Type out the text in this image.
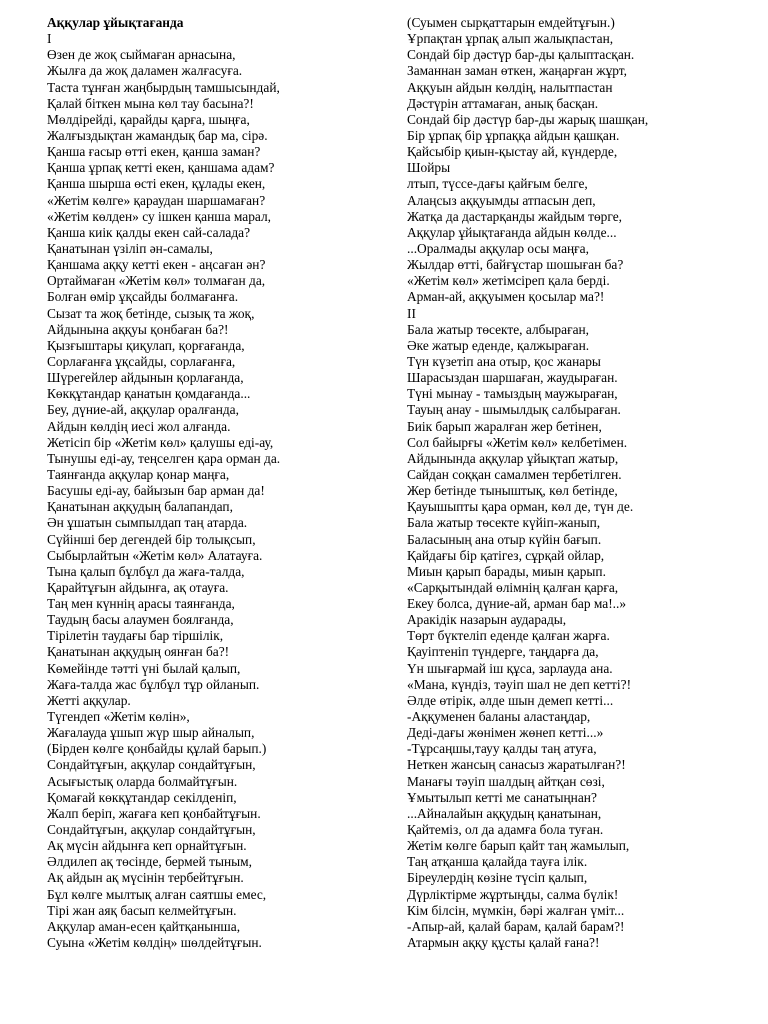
Аққулар ұйықтағанда
I
Өзен де жоқ сыймаған арнасына,
Жылға да жоқ даламен жалғасуға.
Таста тұнған жаңбырдың тамшысындай,
Қалай біткен мына көл тау басына?!
Мөлдірейді, қарайды қарға, шыңға,
Жалғыздықтан жамандық бар ма, сірә.
Қанша ғасыр өтті екен, қанша заман?
Қанша ұрпақ кетті екен, қаншама адам?
Қанша шырша өсті екен, құлады екен,
«Жетім көлге» қараудан шаршамаған?
«Жетім көлден» су ішкен қанша марал,
Қанша киік қалды екен сай-салада?
Қанатынан үзіліп ән-самалы,
Қаншама аққу кетті екен - аңсаған ән?
Ортаймаған «Жетім көл» толмаған да,
Болған өмір ұқсайды болмағанға.
Сызат та жоқ бетінде, сызық та жоқ,
Айдынына аққуы қонбаған ба?!
Қызғыштары қиқулап, қорғағанда,
Сорлағанға ұқсайды, сорлағанға,
Шүрегейлер айдынын қорлағанда,
Көкқұтандар қанатын қомдағанда...
Беу, дүние-ай, аққулар оралғанда,
Айдын көлдің иесі жол алғанда.
Жетісіп бір «Жетім көл» қалушы еді-ау,
Тынушы еді-ау, теңселген қара орман да.
Таянғанда аққулар қонар маңға,
Басушы еді-ау, байызын бар арман да!
Қанатынан аққудың балапандап,
Ән ұшатын сымпылдап таң атарда.
Сүйінші бер дегендей бір толықсып,
Сыбырлайтын «Жетім көл» Алатауға.
Тына қалып бұлбұл да жаға-талда,
Қарайтұғын айдынға, ақ отауға.
Таң мен күннің арасы таянғанда,
Таудың басы алаумен боялғанда,
Тірілетін таудағы бар тіршілік,
Қанатынан аққудың оянған ба?!
Көмейінде тәтті үні былай қалып,
Жаға-талда жас бұлбұл тұр ойланып.
Жетті аққулар.
Түгендеп «Жетім көлін»,
Жағалауда ұшып жүр шыр айналып,
(Бірден көлге қонбайды құлай барып.)
Сондайтұғын, аққулар сондайтұғын,
Асығыстық оларда болмайтұғын.
Қомағай көкқұтандар секілденіп,
Жалп беріп, жағаға кеп қонбайтұғын.
Сондайтұғын, аққулар сондайтұғын,
Ақ мүсін айдынға кеп орнайтұғын.
Әлдилеп ақ төсінде, бермей тыным,
Ақ айдын ақ мүсінін тербейтұғын.
Бұл көлге мылтық алған саятшы емес,
Тірі жан аяқ басып келмейтұғын.
Аққулар аман-есен қайтқанынша,
Суына «Жетім көлдің» шөлдейтұғын.
(Суымен сырқаттарын емдейтұғын.)
Ұрпақтан ұрпақ алып жалықпастан,
Сондай бір дәстүр бар-ды қалыптасқан.
Заманнан заман өткен, жаңарған жұрт,
Аққуын айдын көлдің, налытпастан
Дәстүрін аттамаған, анық басқан.
Сондай бір дәстүр бар-ды жарық шашқан,
Бір ұрпақ бір ұрпаққа айдын қашқан.
Қайсыбір қиын-қыстау ай, күндерде,
Шойры
лтып, түссе-дағы қайғым белге,
Алаңсыз аққуымды атпасын деп,
Жатқа да дастарқанды жайдым төрге,
Аққулар ұйықтағанда айдын көлде...
...Оралмады аққулар осы маңға,
Жылдар өтті, байғұстар шошыған ба?
«Жетім көл» жетімсіреп қала берді.
Арман-ай, аққуымен қосылар ма?!
II
Бала жатыр төсекте, албыраған,
Әке жатыр еденде, қалжыраған.
Түн күзетіп ана отыр, қос жанары
Шарасыздан шаршаған, жаудыраған.
Түні мынау - тамыздың мауж​ыраған,
Тауың анау - шымылдық салбыраған.
Биік барып жаралған жер бетінен,
Сол байырғы «Жетім көл» келбетімен.
Айдынында аққулар ұйықтап жатыр,
Сайдан соққан самалмен тербетілген.
Жер бетінде тыныштық, көл бетінде,
Қауышыпты қара орман, көл де, түн де.
Бала жатыр төсекте күйіп-жанып,
Баласының ана отыр күйін бағып.
Қайдағы бір қатігез, сұрқай ойлар,
Миын қарып барады, миын қарып.
«Сарқытындай өлімнің қалған қарға,
Екеу болса, дүние-ай, арман бар ма!..»
Аракідік назарын аударады,
Төрт бүктеліп еденде қалған жарға.
Қауіптеніп түндерге, таңдарға да,
Үн шығармай іш құса, зарлауда ана.
«Мана, күндіз, тәуіп шал не деп кетті?!
Әлде өтірік, әлде шын демеп кетті...
-Аққуменен баланы аластаңдар,
Деді-дағы жөнімен жөнеп кетті...»
-Тұрсаңшы,тауу қалды таң атуға,
Неткен жансың санасыз жаратылған?!
Манағы тәуіп шалдың айтқан сөзі,
Ұмытылып кетті ме санатыңнан?
...Айналайын аққудың қанатынан,
Қайтеміз, ол да адамға бола туған.
Жетім көлге барып қайт таң жамылып,
Таң атқанша қалайда тауға ілік.
Біреулердің көзіне түсіп қалып,
Дүрліктірме жұртыңды, салма бүлік!
Кім білсін, мүмкін, бәрі жалған үміт...
-Апыр-ай, қалай барам, қалай барам?!
Атармын аққу құсты қалай ғана?!
